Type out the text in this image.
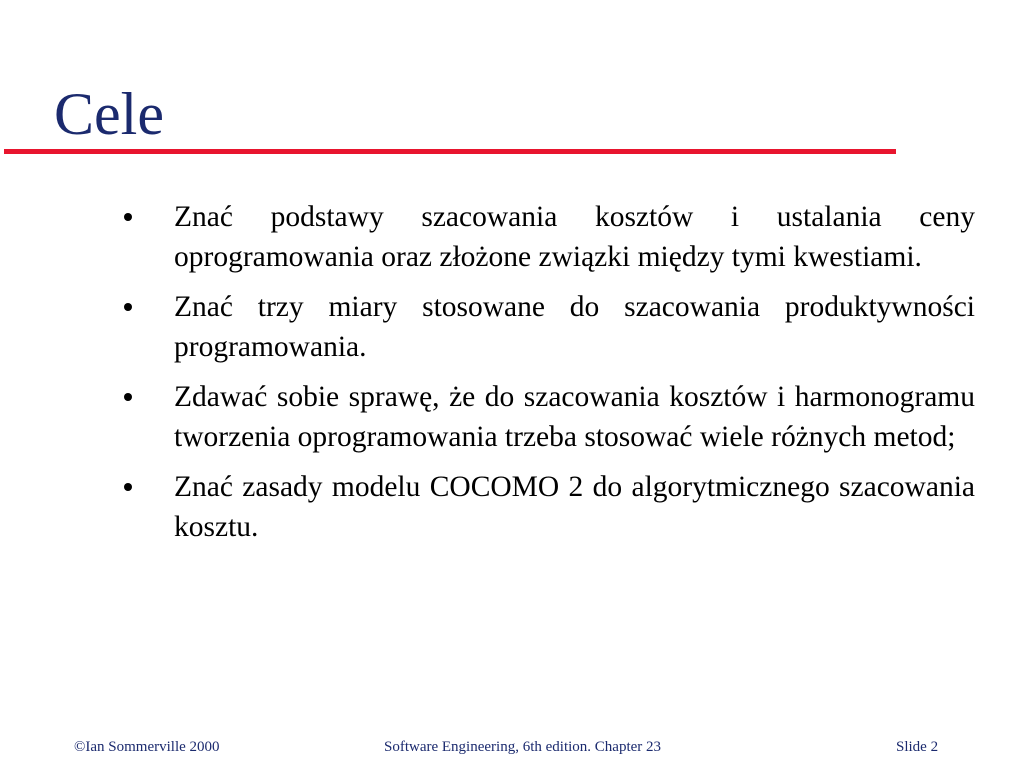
Cele
Znać podstawy szacowania kosztów i ustalania ceny oprogramowania oraz złożone związki między tymi kwestiami.
Znać trzy miary stosowane do szacowania produktywności programowania.
Zdawać sobie sprawę, że do szacowania kosztów i harmonogramu tworzenia oprogramowania trzeba stosować wiele różnych metod;
Znać zasady modelu COCOMO 2 do algorytmicznego szacowania kosztu.
©Ian Sommerville 2000	Software Engineering, 6th edition. Chapter 23	Slide 2
